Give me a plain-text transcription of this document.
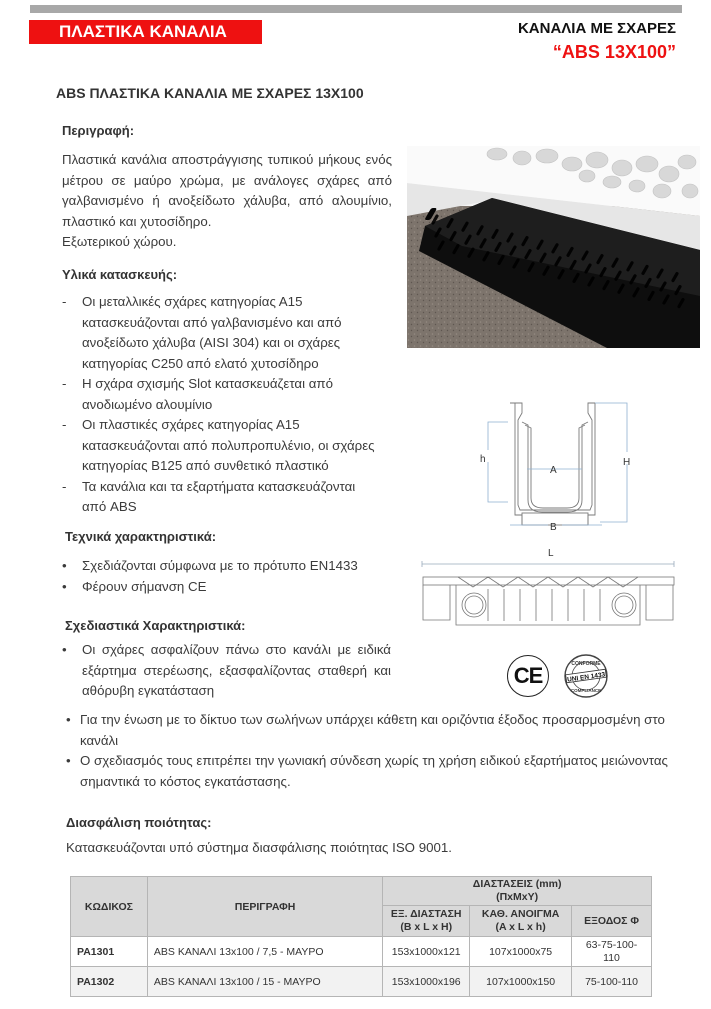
ΠΛΑΣΤΙΚΑ ΚΑΝΑΛΙΑ ABS
ΚΑΝΑΛΙΑ ΜΕ ΣΧΑΡΕΣ
“ABS 13X100”
ABS ΠΛΑΣΤΙΚΑ ΚΑΝΑΛΙΑ ΜΕ ΣΧΑΡΕΣ 13Χ100
Περιγραφή:
Πλαστικά κανάλια αποστράγγισης τυπικού μήκους ενός μέτρου σε μαύρο χρώμα, με ανάλογες σχάρες από γαλβανισμένο ή ανοξείδωτο χάλυβα, από αλουμίνιο, πλαστικό και χυτοσίδηρο.
Εξωτερικού χώρου.
Υλικά κατασκευής:
- Οι μεταλλικές σχάρες κατηγορίας Α15 κατασκευάζονται από γαλβανισμένο και από ανοξείδωτο χάλυβα (AISI 304) και οι σχάρες κατηγορίας C250 από ελατό χυτοσίδηρο
- Η σχάρα σχισμής Slot κατασκευάζεται από ανοδιωμένο αλουμίνιο
- Οι πλαστικές σχάρες κατηγορίας Α15 κατασκευάζονται από πολυπροπυλένιο, οι σχάρες κατηγορίας Β125 από συνθετικό πλαστικό
- Τα κανάλια και τα εξαρτήματα κατασκευάζονται από ABS
Τεχνικά χαρακτηριστικά:
• Σχεδιάζονται σύμφωνα με το πρότυπο ΕΝ1433
• Φέρουν σήμανση CE
Σχεδιαστικά Χαρακτηριστικά:
• Οι σχάρες ασφαλίζουν πάνω στο κανάλι με ειδικά εξάρτημα στερέωσης, εξασφαλίζοντας σταθερή και αθόρυβη εγκατάσταση
• Για την ένωση με το δίκτυο των σωλήνων υπάρχει κάθετη και οριζόντια έξοδος προσαρμοσμένη στο κανάλι
• Ο σχεδιασμός τους επιτρέπει την γωνιακή σύνδεση χωρίς τη χρήση ειδικού εξαρτήματος μειώνοντας σημαντικά το κόστος εγκατάστασης.
Διασφάλιση ποιότητας:
Κατασκευάζονται υπό σύστημα διασφάλισης ποιότητας ISO 9001.
h
A
H
B
L
CE	CONFORME
UNI EN 1433
COMPLIANCE
ΚΩΔΙΚΟΣ	ΠΕΡΙΓΡΑΦΗ	ΔΙΑΣΤΑΣΕΙΣ (mm)
(ΠxΜxΥ)		
		ΕΞ. ΔΙΑΣΤΑΣΗ
(B x L x H)	ΚΑΘ. ΑΝΟΙΓΜΑ
(A x L x h)	ΕΞΟΔΟΣ Φ
PA1301	ABS ΚΑΝΑΛΙ 13x100 / 7,5 - ΜΑΥΡΟ	153x1000x121	107x1000x75	63-75-100-110
PA1302	ABS ΚΑΝΑΛΙ 13x100 / 15 - ΜΑΥΡΟ	153x1000x196	107x1000x150	75-100-110
